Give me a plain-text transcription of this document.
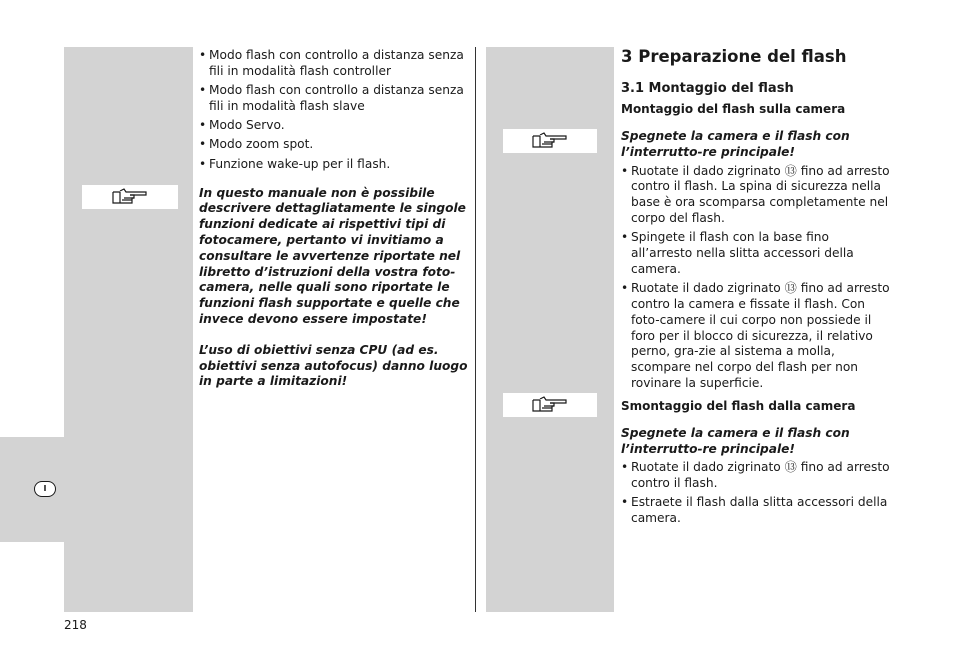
I
• Modo flash con controllo a distanza senza fili in modalità flash controller
• Modo flash con controllo a distanza senza fili in modalità flash slave
• Modo Servo.
• Modo zoom spot.
• Funzione wake-up per il flash.

In questo manuale non è possibile descrivere dettagliatamente le singole funzioni dedicate ai rispettivi tipi di fotocamere, pertanto vi invitiamo a consultare le avvertenze riportate nel libretto d’istruzioni della vostra foto-camera, nelle quali sono riportate le funzioni flash supportate e quelle che invece devono essere impostate!

L’uso di obiettivi senza CPU (ad es. obiettivi senza autofocus) danno luogo in parte a limitazioni!

3 Preparazione del flash
3.1 Montaggio del flash
Montaggio del flash sulla camera

Spegnete la camera e il flash con l’interrutto-re principale!

• Ruotate il dado zigrinato ⑬ fino ad arresto contro il flash. La spina di sicurezza nella base è ora scomparsa completamente nel corpo del flash.
• Spingete il flash con la base fino all’arresto nella slitta accessori della camera.
• Ruotate il dado zigrinato ⑬ fino ad arresto contro la camera e fissate il flash. Con foto-camere il cui corpo non possiede il foro per il blocco di sicurezza, il relativo perno, gra-zie al sistema a molla, scompare nel corpo del flash per non rovinare la superficie.
Smontaggio del flash dalla camera

Spegnete la camera e il flash con l’interrutto-re principale!

• Ruotate il dado zigrinato ⑬ fino ad arresto contro il flash.
• Estraete il flash dalla slitta accessori della camera.
218
